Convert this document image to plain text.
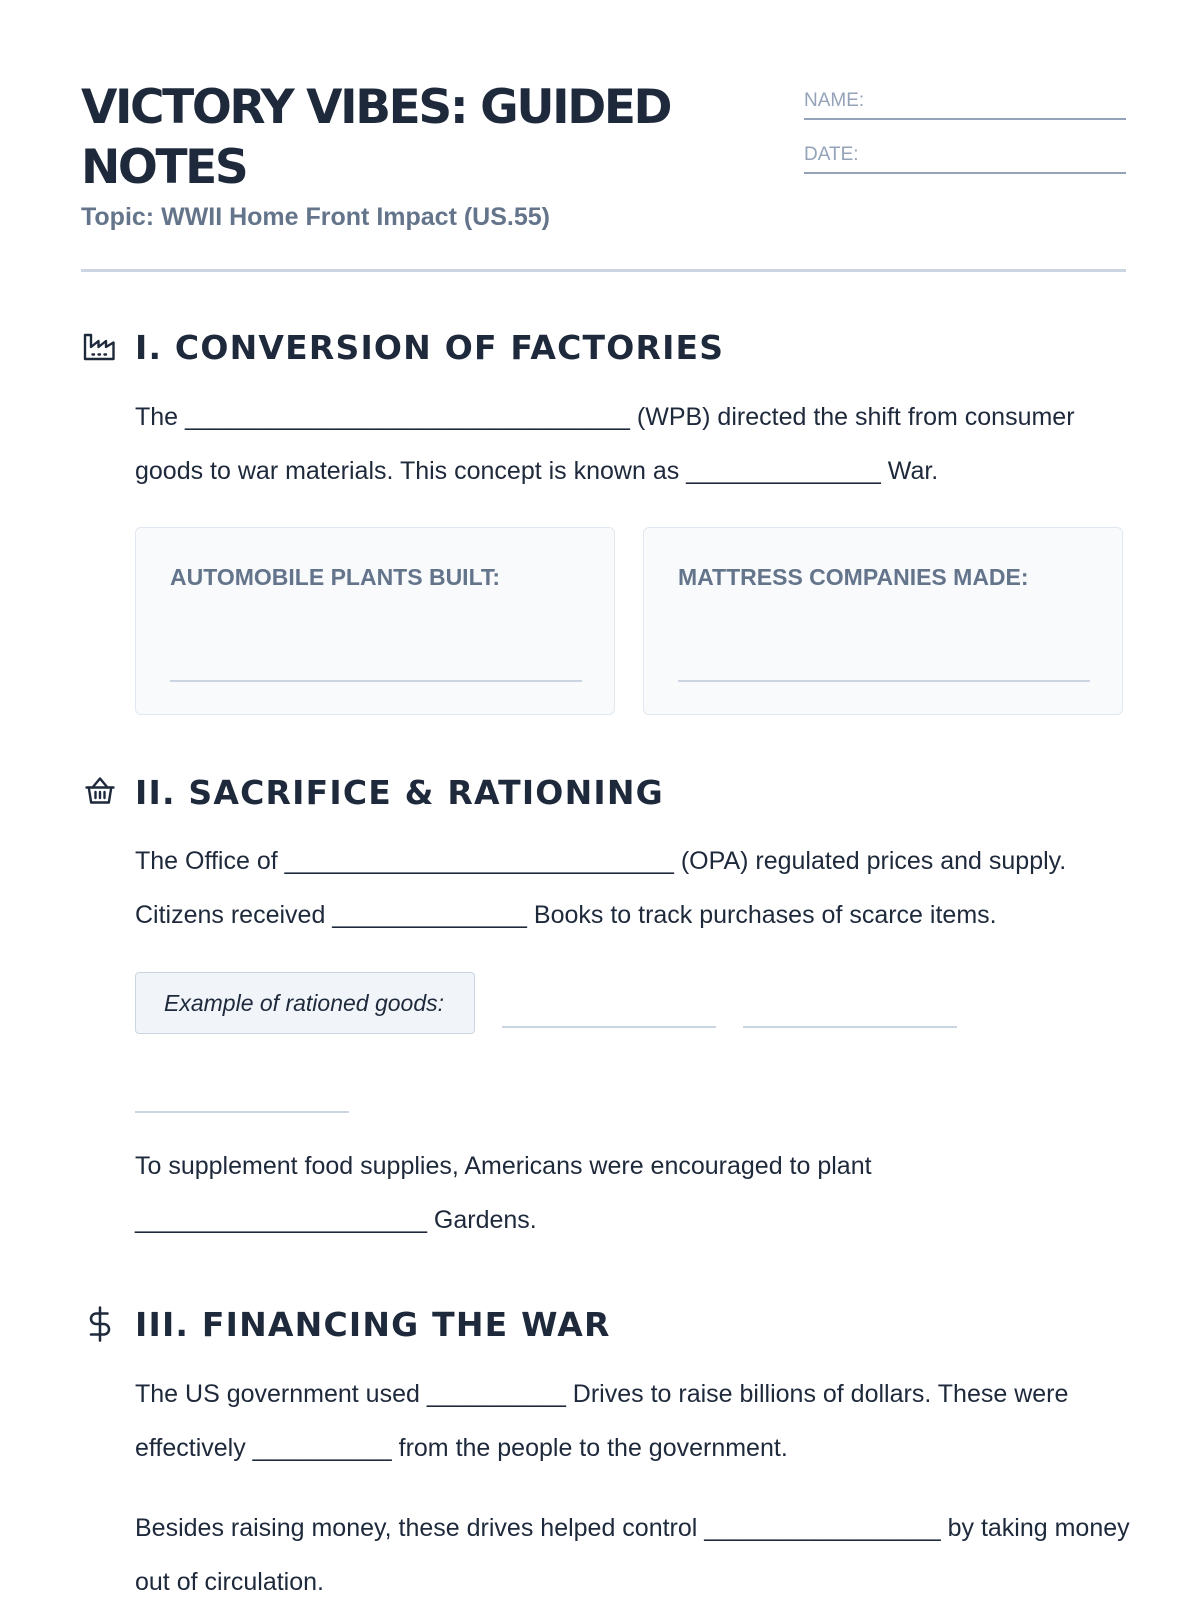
VICTORY VIBES: GUIDED NOTES
Topic: WWII Home Front Impact (US.55)
NAME:
DATE:
I. CONVERSION OF FACTORIES

The ________________________________ (WPB) directed the shift from consumer goods to war materials. This concept is known as ______________ War.

AUTOMOBILE PLANTS BUILT:	MATTRESS COMPANIES MADE:
II. SACRIFICE & RATIONING

The Office of ____________________________ (OPA) regulated prices and supply. Citizens received ______________ Books to track purchases of scarce items.

Example of rationed goods:

To supplement food supplies, Americans were encouraged to plant _____________________ Gardens.

III. FINANCING THE WAR

The US government used __________ Drives to raise billions of dollars. These were effectively __________ from the people to the government.

Besides raising money, these drives helped control _________________ by taking money out of circulation.
